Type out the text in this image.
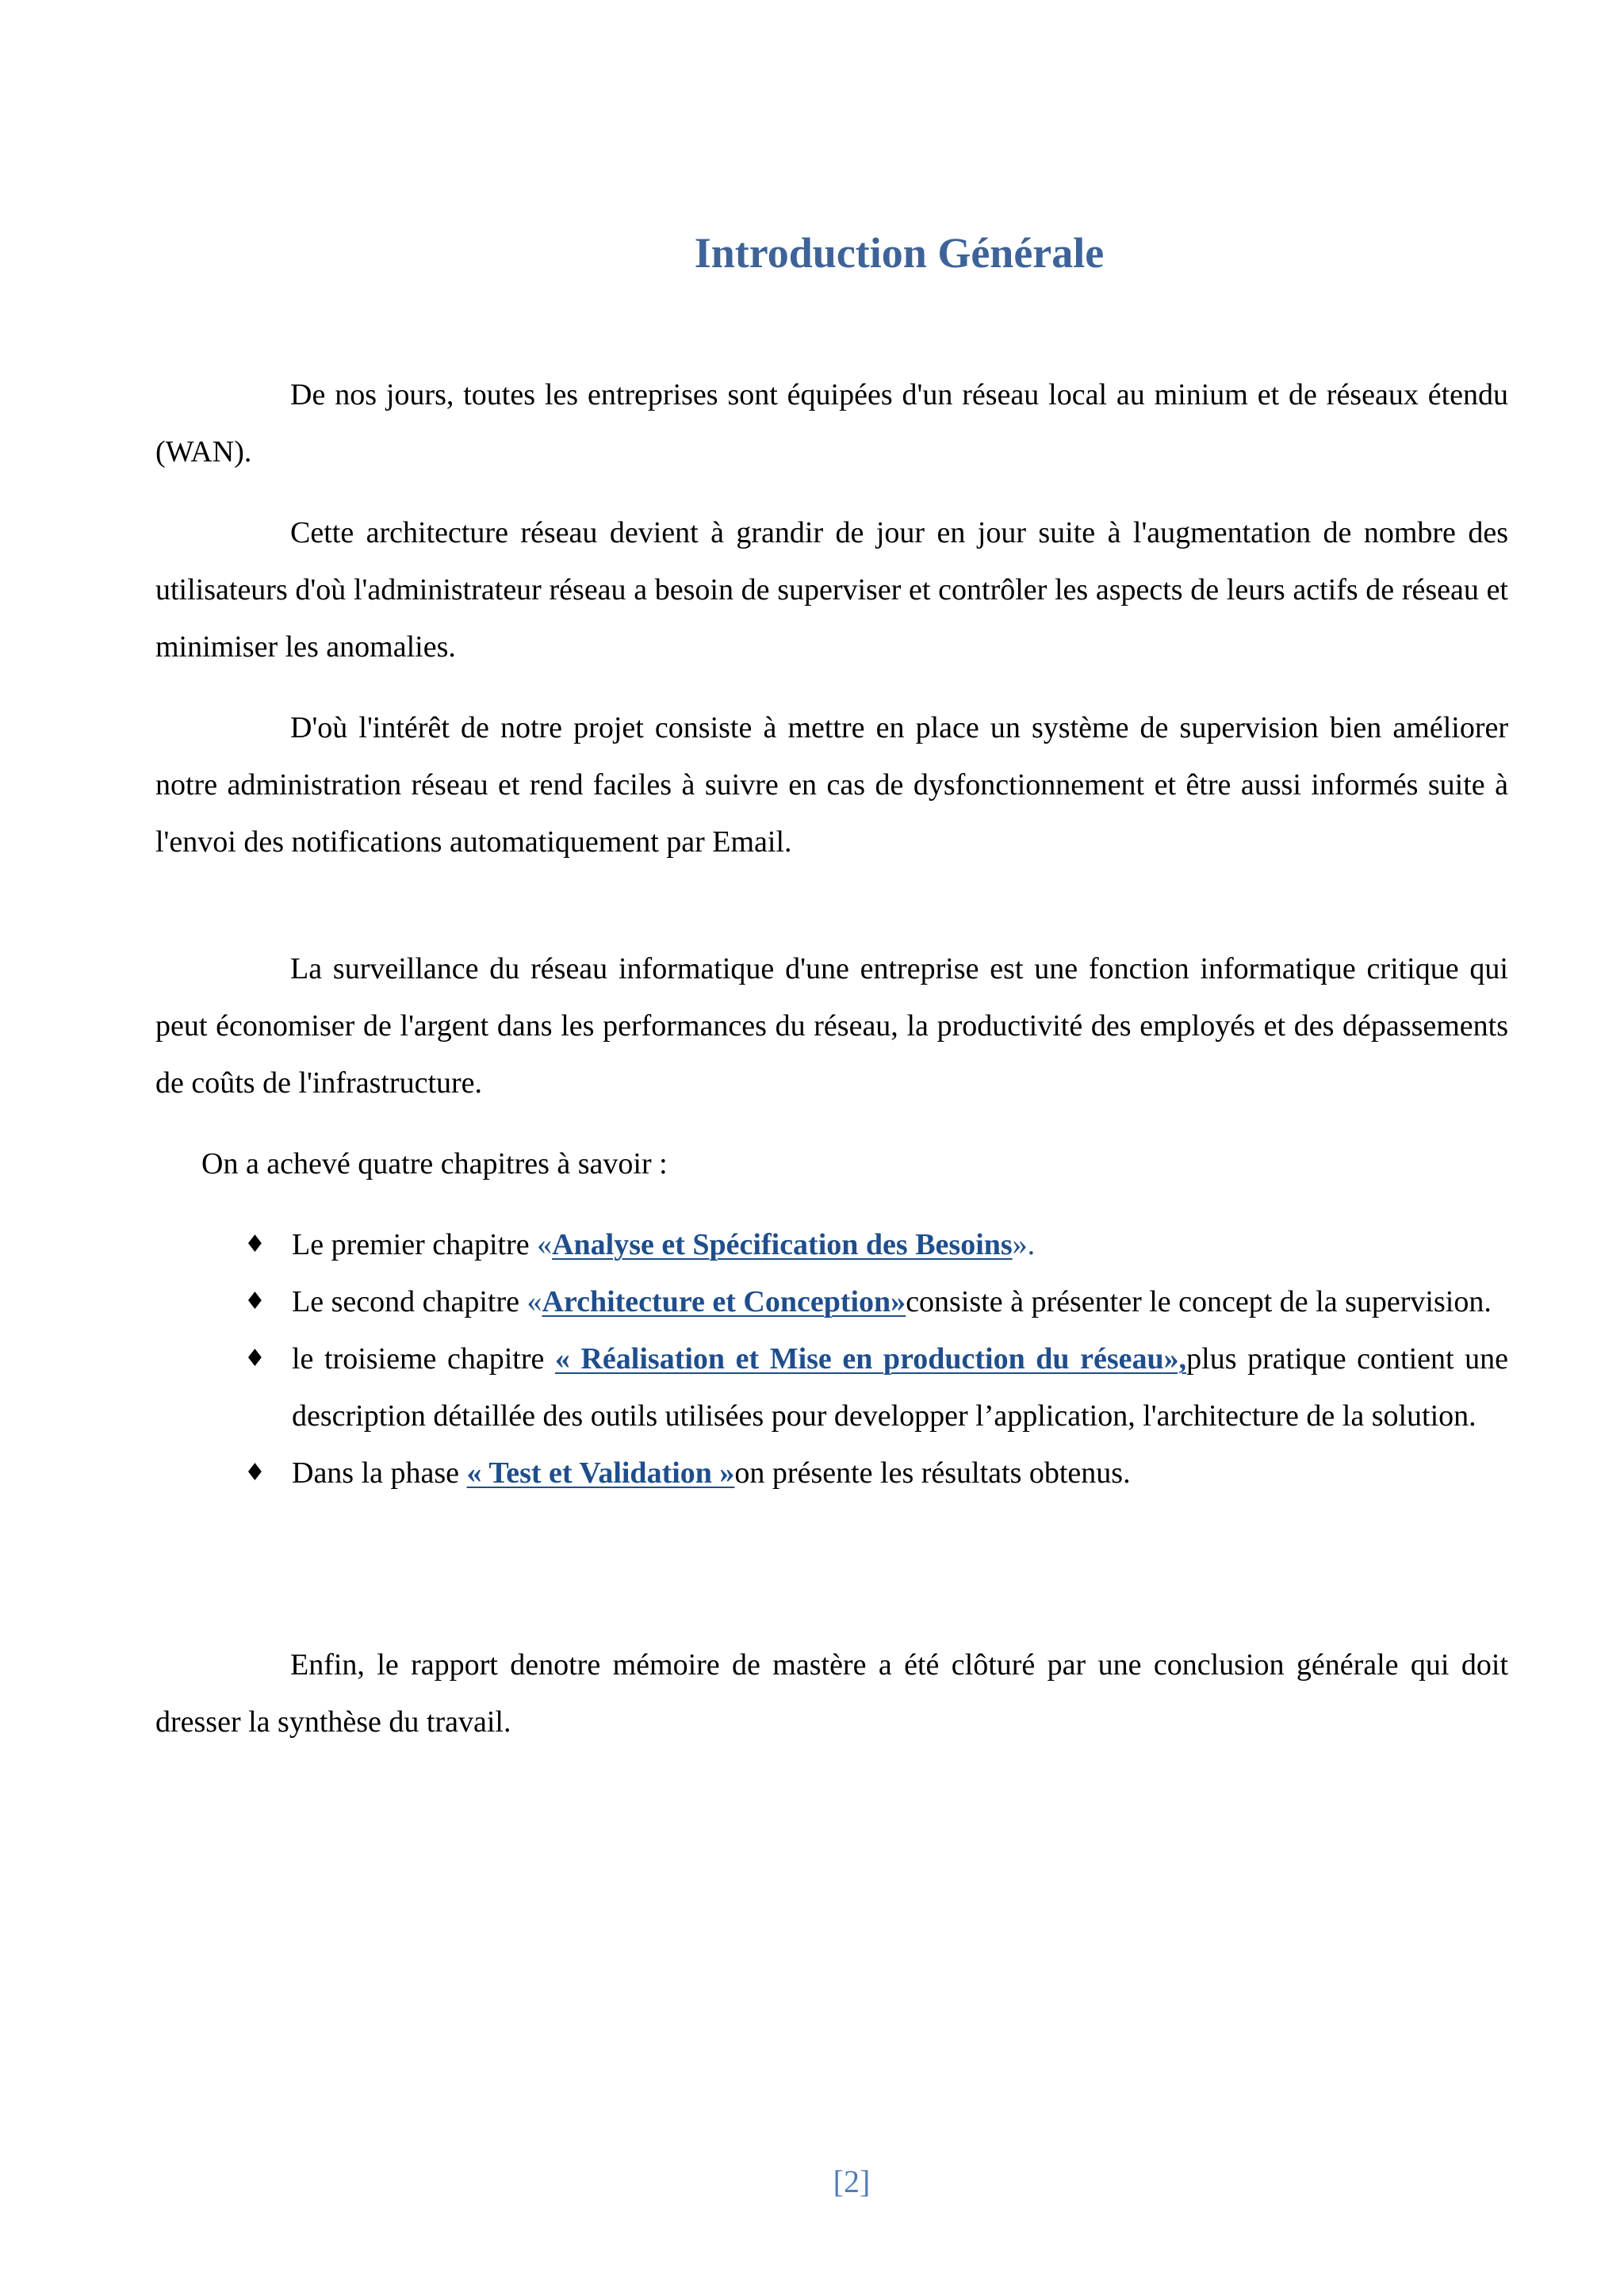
Introduction Générale

De nos jours, toutes les entreprises sont équipées d'un réseau local au minium et de réseaux étendu (WAN).

Cette architecture réseau devient à grandir de jour en jour suite à l'augmentation de nombre des utilisateurs d'où l'administrateur réseau a besoin de superviser et contrôler les aspects de leurs actifs de réseau et minimiser les anomalies.

D'où l'intérêt de notre projet consiste à mettre en place un système de supervision bien améliorer notre administration réseau et rend faciles à suivre en cas de dysfonctionnement et être aussi informés suite à l'envoi des notifications automatiquement par Email.

La surveillance du réseau informatique d'une entreprise est une fonction informatique critique qui peut économiser de l'argent dans les performances du réseau, la productivité des employés et des dépassements de coûts de l'infrastructure.

On a achevé quatre chapitres à savoir :

♦ Le premier chapitre «Analyse et Spécification des Besoins».
♦ Le second chapitre «Architecture et Conception»consiste à présenter le concept de la supervision.
♦ le troisieme chapitre « Réalisation et Mise en production du réseau»,plus pratique contient une description détaillée des outils utilisées pour developper l’application, l'architecture de la solution.
♦ Dans la phase « Test et Validation »on présente les résultats obtenus.

Enfin, le rapport denotre mémoire de mastère a été clôturé par une conclusion générale qui doit dresser la synthèse du travail.

[2]
